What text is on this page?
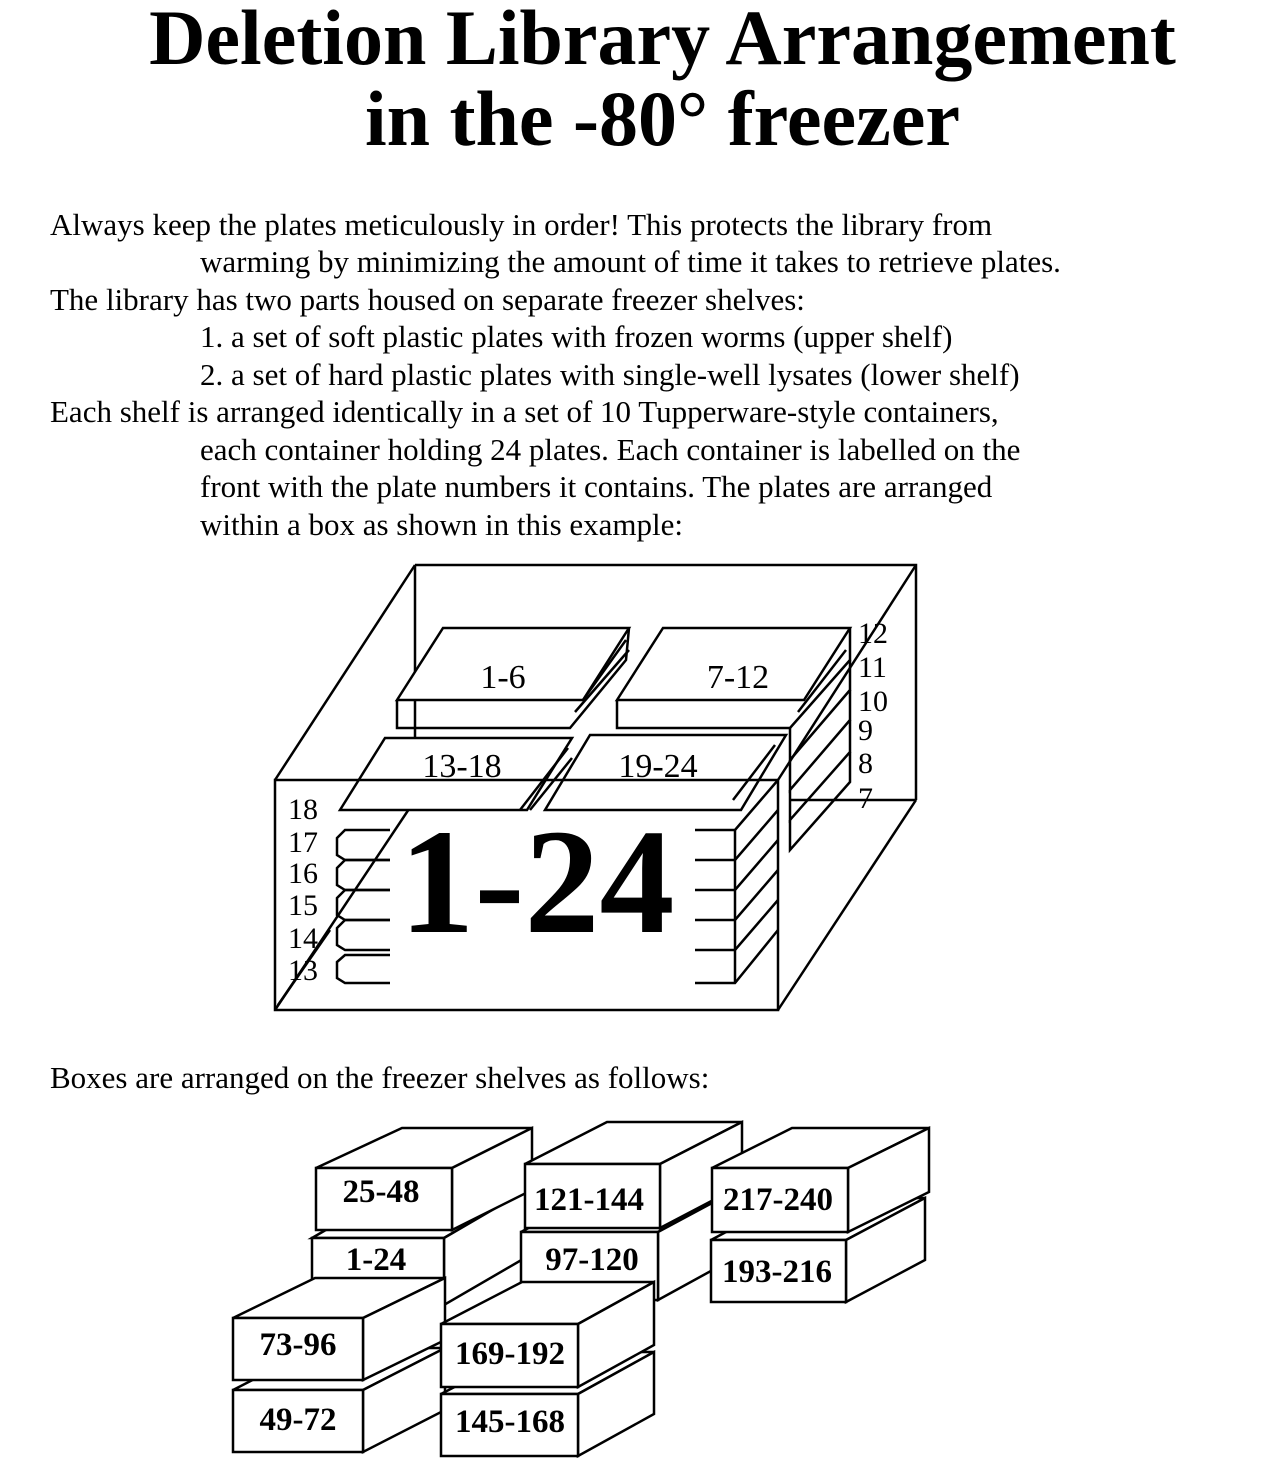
Deletion Library Arrangement
in the -80° freezer

Always keep the plates meticulously in order! This protects the library from

warming by minimizing the amount of time it takes to retrieve plates.

The library has two parts housed on separate freezer shelves:

1. a set of soft plastic plates with frozen worms (upper shelf)

2. a set of hard plastic plates with single-well lysates (lower shelf)

Each shelf is arranged identically in a set of 10 Tupperware-style containers,

each container holding 24 plates. Each container is labelled on the

front with the plate numbers it contains. The plates are arranged

within a box as shown in this example:

Boxes are arranged on the freezer shelves as follows:

1-6	7-12
13-18	19-24
1-24
12
11
10
9
8
7
18
17
16
15
14
13
1-24
25-48
97-120
121-144
193-216
217-240
49-72
73-96
145-168
169-192
